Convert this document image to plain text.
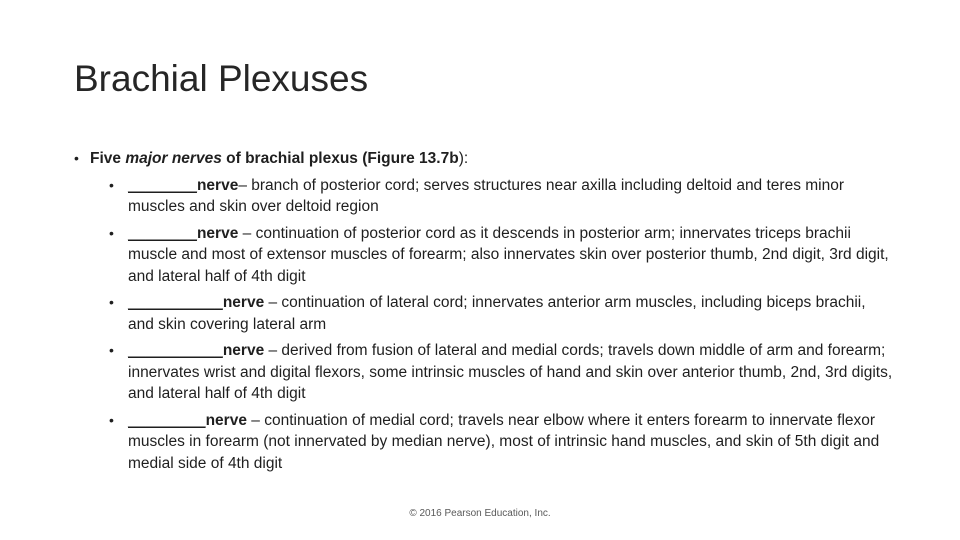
Brachial Plexuses
• Five major nerves of brachial plexus (Figure 13.7b):
• ________nerve– branch of posterior cord; serves structures near axilla including deltoid and teres minor muscles and skin over deltoid region
• ________nerve – continuation of posterior cord as it descends in posterior arm; innervates triceps brachii muscle and most of extensor muscles of forearm; also innervates skin over posterior thumb, 2nd digit, 3rd digit, and lateral half of 4th digit
• ___________nerve – continuation of lateral cord; innervates anterior arm muscles, including biceps brachii, and skin covering lateral arm
• ___________nerve – derived from fusion of lateral and medial cords; travels down middle of arm and forearm; innervates wrist and digital flexors, some intrinsic muscles of hand and skin over anterior thumb, 2nd, 3rd digits, and lateral half of 4th digit
• _________nerve – continuation of medial cord; travels near elbow where it enters forearm to innervate flexor muscles in forearm (not innervated by median nerve), most of intrinsic hand muscles, and skin of 5th digit and medial side of 4th digit
© 2016 Pearson Education, Inc.
